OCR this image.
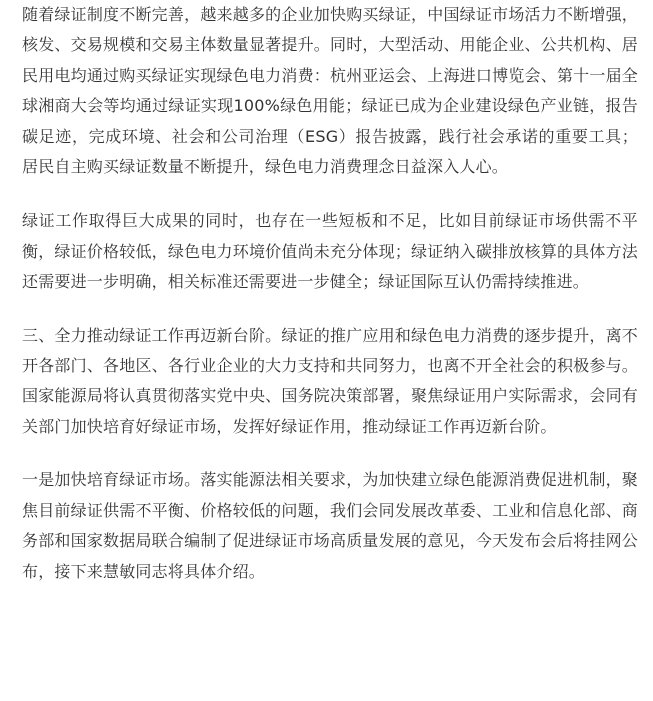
随着绿证制度不断完善，越来越多的企业加快购买绿证，中国绿证市场活力不断增强，核发、交易规模和交易主体数量显著提升。同时，大型活动、用能企业、公共机构、居民用电均通过购买绿证实现绿色电力消费：杭州亚运会、上海进口博览会、第十一届全球湘商大会等均通过绿证实现100%绿色用能；绿证已成为企业建设绿色产业链，报告碳足迹，完成环境、社会和公司治理（ESG）报告披露，践行社会承诺的重要工具；居民自主购买绿证数量不断提升，绿色电力消费理念日益深入人心。

绿证工作取得巨大成果的同时，也存在一些短板和不足，比如目前绿证市场供需不平衡，绿证价格较低，绿色电力环境价值尚未充分体现；绿证纳入碳排放核算的具体方法还需要进一步明确，相关标准还需要进一步健全；绿证国际互认仍需持续推进。

三、全力推动绿证工作再迈新台阶。绿证的推广应用和绿色电力消费的逐步提升，离不开各部门、各地区、各行业企业的大力支持和共同努力，也离不开全社会的积极参与。国家能源局将认真贯彻落实党中央、国务院决策部署，聚焦绿证用户实际需求，会同有关部门加快培育好绿证市场，发挥好绿证作用，推动绿证工作再迈新台阶。

一是加快培育绿证市场。落实能源法相关要求，为加快建立绿色能源消费促进机制，聚焦目前绿证供需不平衡、价格较低的问题，我们会同发展改革委、工业和信息化部、商务部和国家数据局联合编制了促进绿证市场高质量发展的意见，今天发布会后将挂网公布，接下来慧敏同志将具体介绍。
